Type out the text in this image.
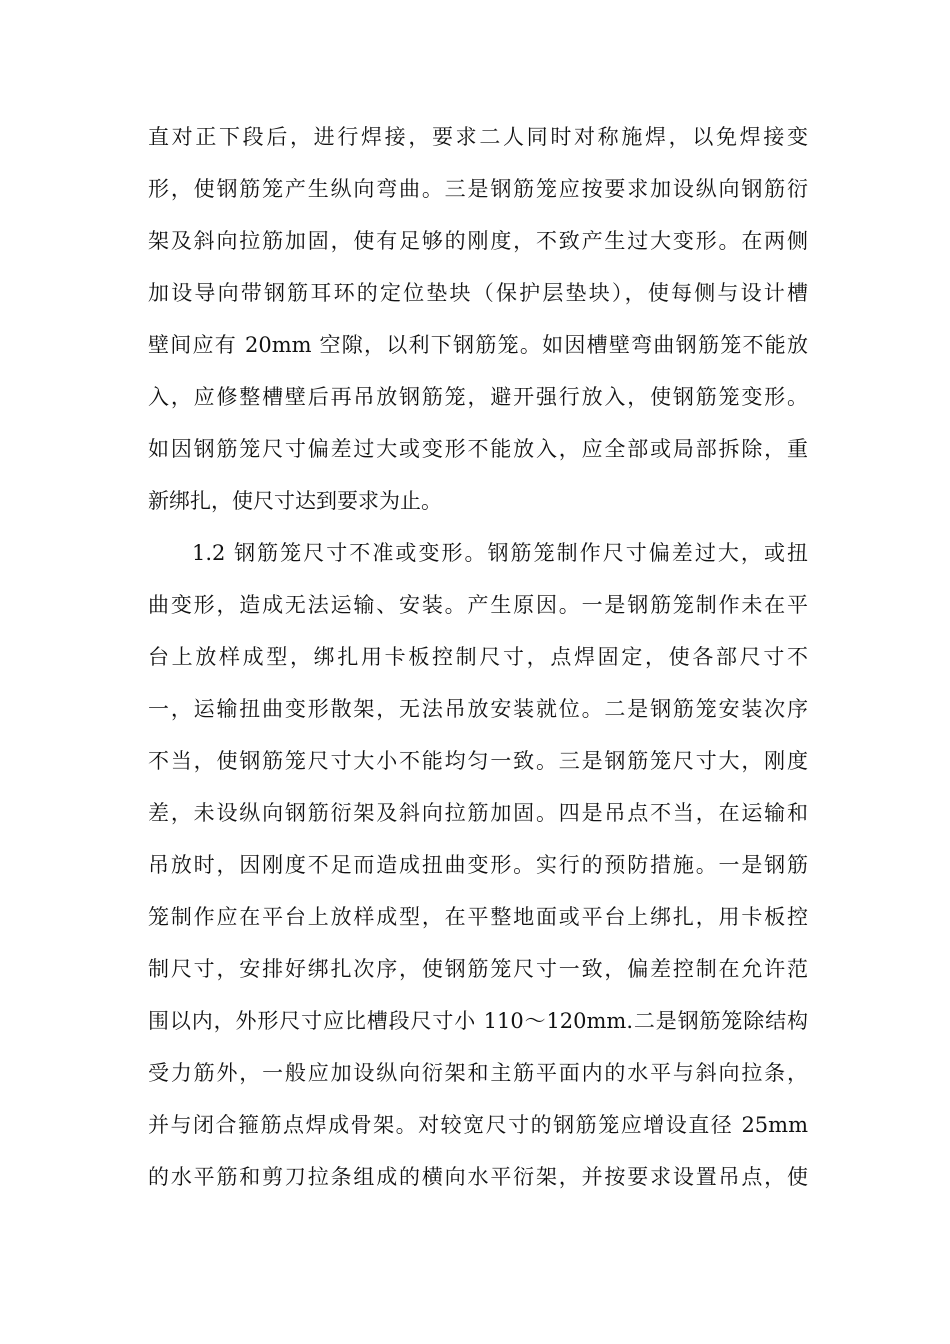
直对正下段后，进行焊接，要求二人同时对称施焊，以免焊接变
形，使钢筋笼产生纵向弯曲。三是钢筋笼应按要求加设纵向钢筋衍
架及斜向拉筋加固，使有足够的刚度，不致产生过大变形。在两侧
加设导向带钢筋耳环的定位垫块（保护层垫块），使每侧与设计槽
壁间应有 20mm 空隙，以利下钢筋笼。如因槽壁弯曲钢筋笼不能放
入，应修整槽壁后再吊放钢筋笼，避开强行放入，使钢筋笼变形。
如因钢筋笼尺寸偏差过大或变形不能放入，应全部或局部拆除，重
新绑扎，使尺寸达到要求为止。
1.2 钢筋笼尺寸不准或变形。钢筋笼制作尺寸偏差过大，或扭
曲变形，造成无法运输、安装。产生原因。一是钢筋笼制作未在平
台上放样成型，绑扎用卡板控制尺寸，点焊固定，使各部尺寸不
一，运输扭曲变形散架，无法吊放安装就位。二是钢筋笼安装次序
不当，使钢筋笼尺寸大小不能均匀一致。三是钢筋笼尺寸大，刚度
差，未设纵向钢筋衍架及斜向拉筋加固。四是吊点不当，在运输和
吊放时，因刚度不足而造成扭曲变形。实行的预防措施。一是钢筋
笼制作应在平台上放样成型，在平整地面或平台上绑扎，用卡板控
制尺寸，安排好绑扎次序，使钢筋笼尺寸一致，偏差控制在允许范
围以内，外形尺寸应比槽段尺寸小 110～120mm.二是钢筋笼除结构
受力筋外，一般应加设纵向衍架和主筋平面内的水平与斜向拉条，
并与闭合箍筋点焊成骨架。对较宽尺寸的钢筋笼应增设直径 25mm
的水平筋和剪刀拉条组成的横向水平衍架，并按要求设置吊点，使
